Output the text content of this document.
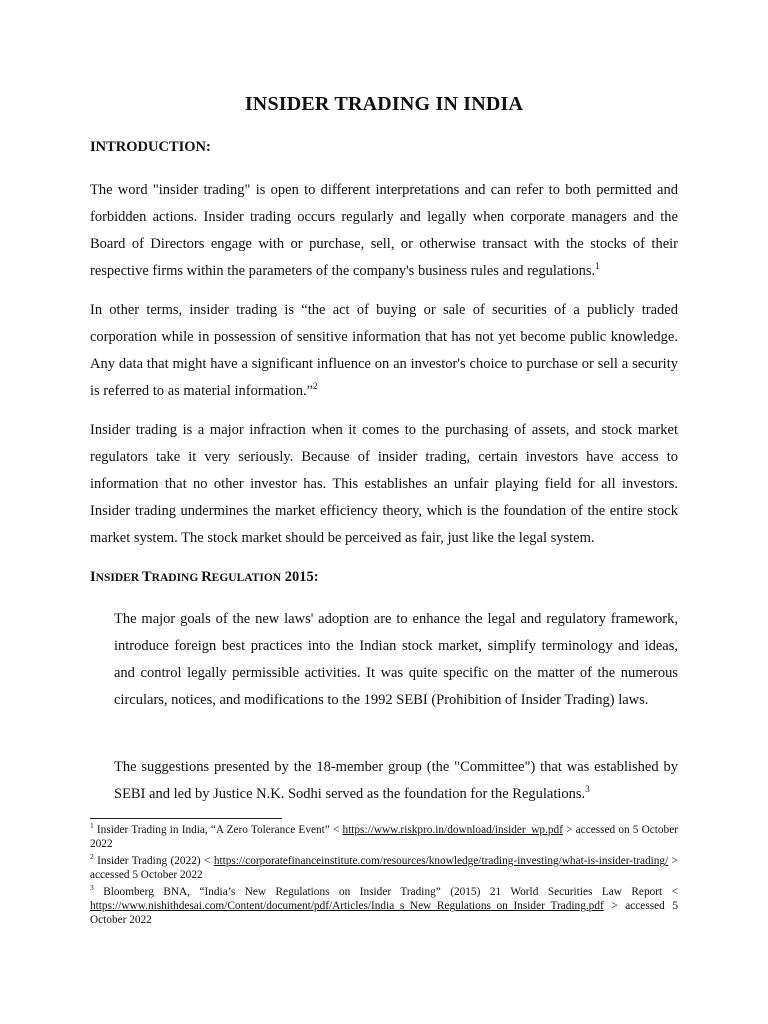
INSIDER TRADING IN INDIA
INTRODUCTION:

The word "insider trading" is open to different interpretations and can refer to both permitted and forbidden actions. Insider trading occurs regularly and legally when corporate managers and the Board of Directors engage with or purchase, sell, or otherwise transact with the stocks of their respective firms within the parameters of the company's business rules and regulations.$^1$

In other terms, insider trading is “the act of buying or sale of securities of a publicly traded corporation while in possession of sensitive information that has not yet become public knowledge. Any data that might have a significant influence on an investor's choice to purchase or sell a security is referred to as material information.”$^2$

Insider trading is a major infraction when it comes to the purchasing of assets, and stock market regulators take it very seriously. Because of insider trading, certain investors have access to information that no other investor has. This establishes an unfair playing field for all investors. Insider trading undermines the market efficiency theory, which is the foundation of the entire stock market system. The stock market should be perceived as fair, just like the legal system.

INSIDER TRADING REGULATION 2015:

The major goals of the new laws' adoption are to enhance the legal and regulatory framework, introduce foreign best practices into the Indian stock market, simplify terminology and ideas, and control legally permissible activities. It was quite specific on the matter of the numerous circulars, notices, and modifications to the 1992 SEBI (Prohibition of Insider Trading) laws.

The suggestions presented by the 18-member group (the "Committee") that was established by SEBI and led by Justice N.K. Sodhi served as the foundation for the Regulations.$^3$

$^1$ Insider Trading in India, “A Zero Tolerance Event” < https://www.riskpro.in/download/insider_wp.pdf > accessed on 5 October 2022

$^2$ Insider Trading (2022) < https://corporatefinanceinstitute.com/resources/knowledge/trading-investing/what-is-insider-trading/ > accessed 5 October 2022

$^3$ Bloomberg BNA, “India’s New Regulations on Insider Trading” (2015) 21 World Securities Law Report < https://www.nishithdesai.com/Content/document/pdf/Articles/India_s_New_Regulations_on_Insider_Trading.pdf > accessed 5 October 2022
